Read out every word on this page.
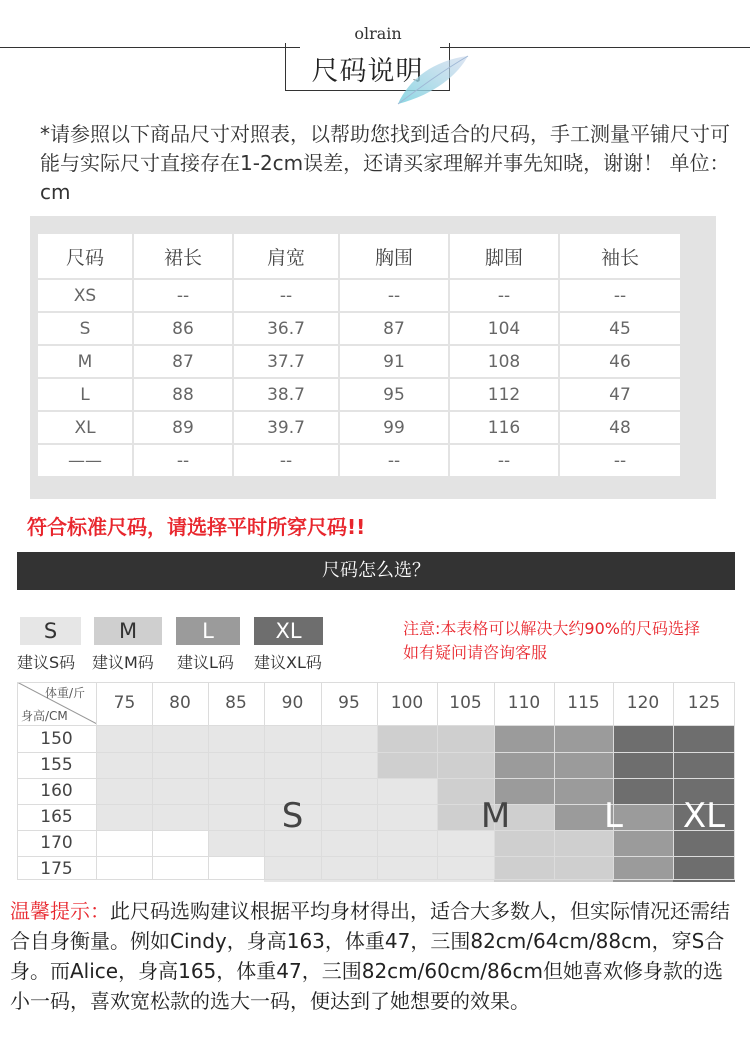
olrain
尺码说明
*请参照以下商品尺寸对照表，以帮助您找到适合的尺码，手工测量平铺尺寸可能与实际尺寸直接存在1-2cm误差，还请买家理解并事先知晓，谢谢！ 单位：cm
尺码	裙长	肩宽	胸围	脚围	袖长
XS	--	--	--	--	--
S	86	36.7	87	104	45
M	87	37.7	91	108	46
L	88	38.7	95	112	47
XL	89	39.7	99	116	48
——	--	--	--	--	--
符合标准尺码，请选择平时所穿尺码!!
尺码怎么选？
S	M	L	XL
建议S码 建议M码 建议L码 建议XL码
注意:本表格可以解决大约90%的尺码选择
如有疑问请咨询客服
75	80	85	90	95	100	105	110	115	120	125
150
155
160
165
170
175
体重/斤
身高/CM
S	M	L	XL
温馨提示：此尺码选购建议根据平均身材得出，适合大多数人，但实际情况还需结合自身衡量。例如Cindy，身高163，体重47，三围82cm/64cm/88cm，穿S合身。而Alice，身高165，体重47，三围82cm/60cm/86cm但她喜欢修身款的选小一码，喜欢宽松款的选大一码，便达到了她想要的效果。
